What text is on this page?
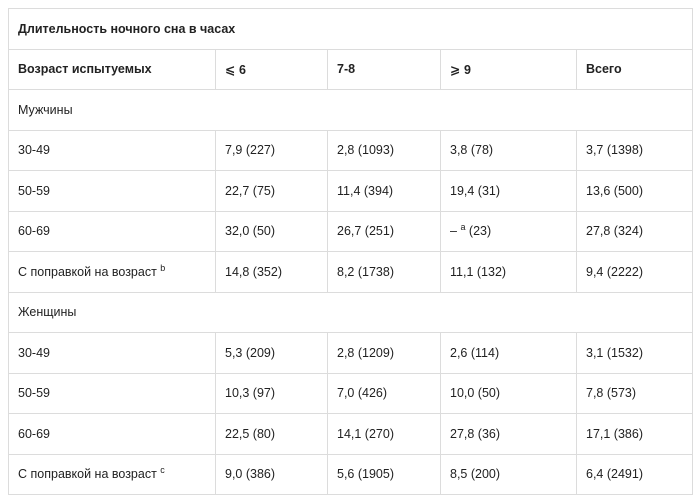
Длительность ночного сна в часах				
Возраст испытуемых	⩽ 6	7-8	⩾ 9	Всего
Мужчины				
30-49	7,9 (227)	2,8 (1093)	3,8 (78)	3,7 (1398)
50-59	22,7 (75)	11,4 (394)	19,4 (31)	13,6 (500)
60-69	32,0 (50)	26,7 (251)	– $^a$ (23)	27,8 (324)
С поправкой на возраст $^b$	14,8 (352)	8,2 (1738)	11,1 (132)	9,4 (2222)
Женщины				
30-49	5,3 (209)	2,8 (1209)	2,6 (114)	3,1 (1532)
50-59	10,3 (97)	7,0 (426)	10,0 (50)	7,8 (573)
60-69	22,5 (80)	14,1 (270)	27,8 (36)	17,1 (386)
С поправкой на возраст $^c$	9,0 (386)	5,6 (1905)	8,5 (200)	6,4 (2491)
